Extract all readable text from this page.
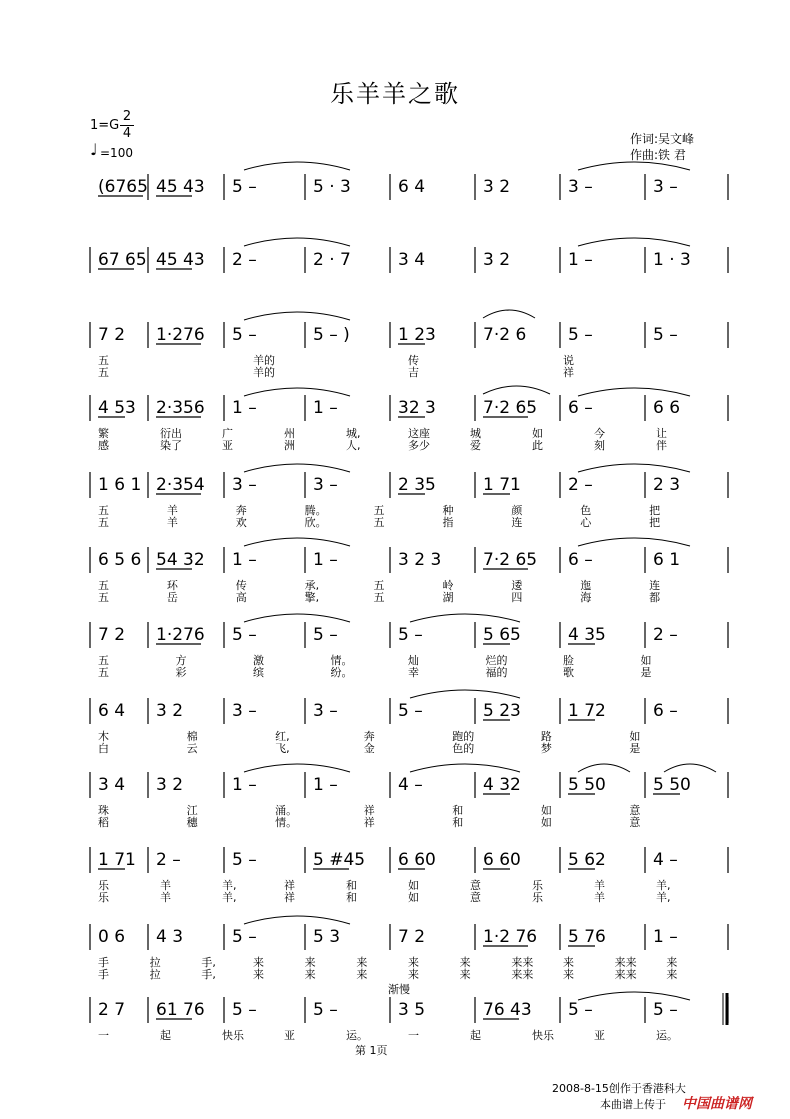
乐羊羊之歌
1=G
2
4
♩ =100
作词:吴文峰
作曲:铁 君
(6765 45 43 5 –	5 · 3	6 4	3 2	3 –	3 –
67 65 45 43 2 –	2 · 7	3 4	3 2	1 –	1 · 3
7 2 1·276 5 –	5 – )	1 23	7·2 6 5 –	5 –
五	羊的	传	说
五	羊的	吉	祥
4 53 2·356 1 –	1 –	32 3	7·2 65 6 –	6 6
繁	衍出	广	州	城,	这座	城	如	今	让
感	染了	亚	洲	人,	多少	爱	此	刻	伴
1 6 1 2·354 3 –	3 –	2 35	1 71	2 –	2 3
五	羊	奔	腾。	五	种	颜	色	把
五	羊	欢	欣。	五	指	连	心	把
6 5 6 54 32 1 –	1 –	3 2 3 7·2 65 6 –	6 1
五	环	传	承,	五	岭	逶	迤	连
五	岳	高	擎,	五	湖	四	海	都
7 2 1·276 5 –	5 –	5 –	5 65	4 35	2 –
五	方	激	情。	灿	烂的	脸	如
五	彩	缤	纷。	幸	福的	歌	是
6 4 3 2	3 –	3 –	5 –	5 23	1 72	6 –
木	棉	红,	奔	跑的	路	如
白	云	飞,	金	色的	梦	是
3 4 3 2	1 –	1 –	4 –	4 32	5 50	5 50
珠	江	涌。	祥	和	如	意
稻	穗	情。	祥	和	如	意
1 71 2 –	5 –	5 #45 6 60	6 60	5 62	4 –
乐	羊	羊,	祥	和	如	意	乐	羊	羊,
乐	羊	羊,	祥	和	如	意	乐	羊	羊,
0 6 4 3	5 –	5 3	7 2	1·2 76 5 76	1 –
手	拉	手,	来	来	来	来	来	来来	来	来来	来
手	拉	手,	来	来	来	来	来	来来	来	来来	来
2 7 61 76 5 –	5 –	3 5	76 43 5 –	5 –
一	起	快乐	亚	运。	一	起	快乐	亚	运。
渐慢
第 1页
2008-8-15创作于香港科大
本曲谱上传于 中国曲谱网
